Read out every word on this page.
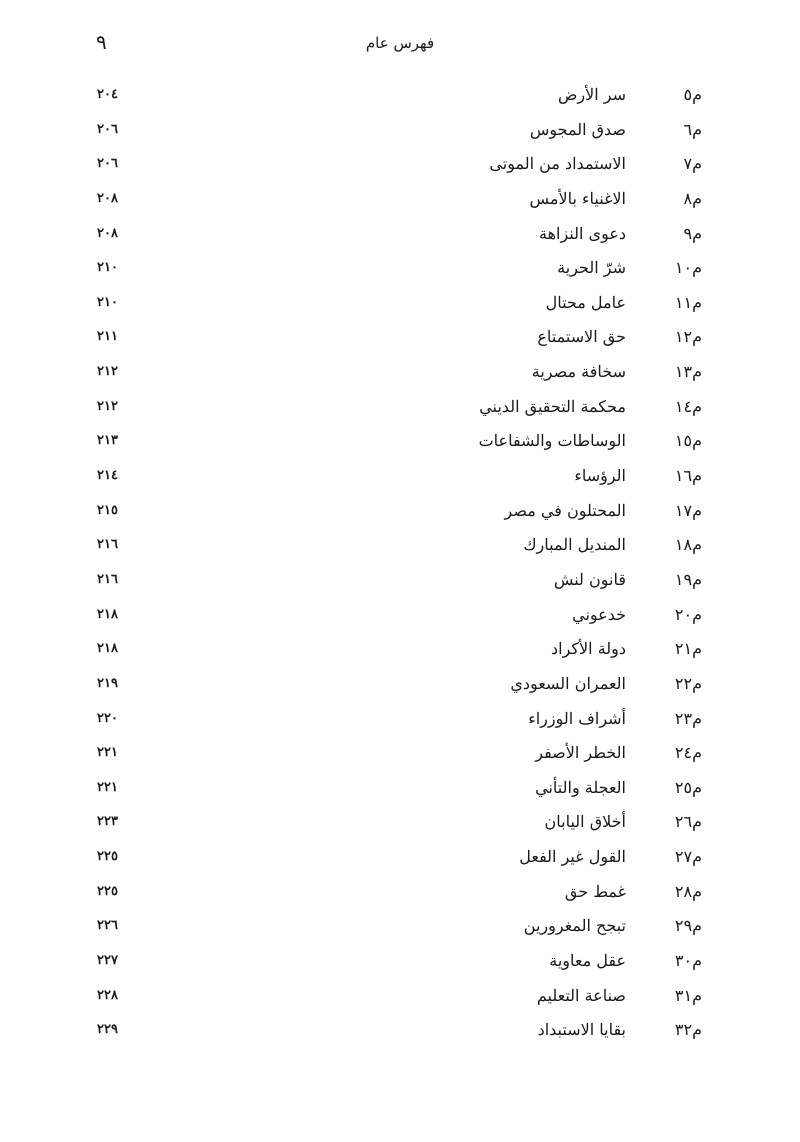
٩	فهرس عام
م٥
سر الأرض
٢٠٤
م٦
صدق المجوس
٢٠٦
م٧
الاستمداد من الموتى
٢٠٦
م٨
الاغنياء بالأمس
٢٠٨
م٩
دعوى النزاهة
٢٠٨
م١٠
شرّ الحرية
٢١٠
م١١
عامل محتال
٢١٠
م١٢
حق الاستمتاع
٢١١
م١٣
سخافة مصرية
٢١٢
م١٤
محكمة التحقيق الديني
٢١٢
م١٥
الوساطات والشفاعات
٢١٣
م١٦
الرؤساء
٢١٤
م١٧
المحتلون في مصر
٢١٥
م١٨
المنديل المبارك
٢١٦
م١٩
قانون لنش
٢١٦
م٢٠
خدعوني
٢١٨
م٢١
دولة الأكراد
٢١٨
م٢٢
العمران السعودي
٢١٩
م٢٣
أشراف الوزراء
٢٢٠
م٢٤
الخطر الأصفر
٢٢١
م٢٥
العجلة والتأني
٢٢١
م٢٦
أخلاق اليابان
٢٢٣
م٢٧
القول غير الفعل
٢٢٥
م٢٨
غمط حق
٢٢٥
م٢٩
تبجح المغرورين
٢٢٦
م٣٠
عقل معاوية
٢٢٧
م٣١
صناعة التعليم
٢٢٨
م٣٢
بقايا الاستبداد
٢٢٩
